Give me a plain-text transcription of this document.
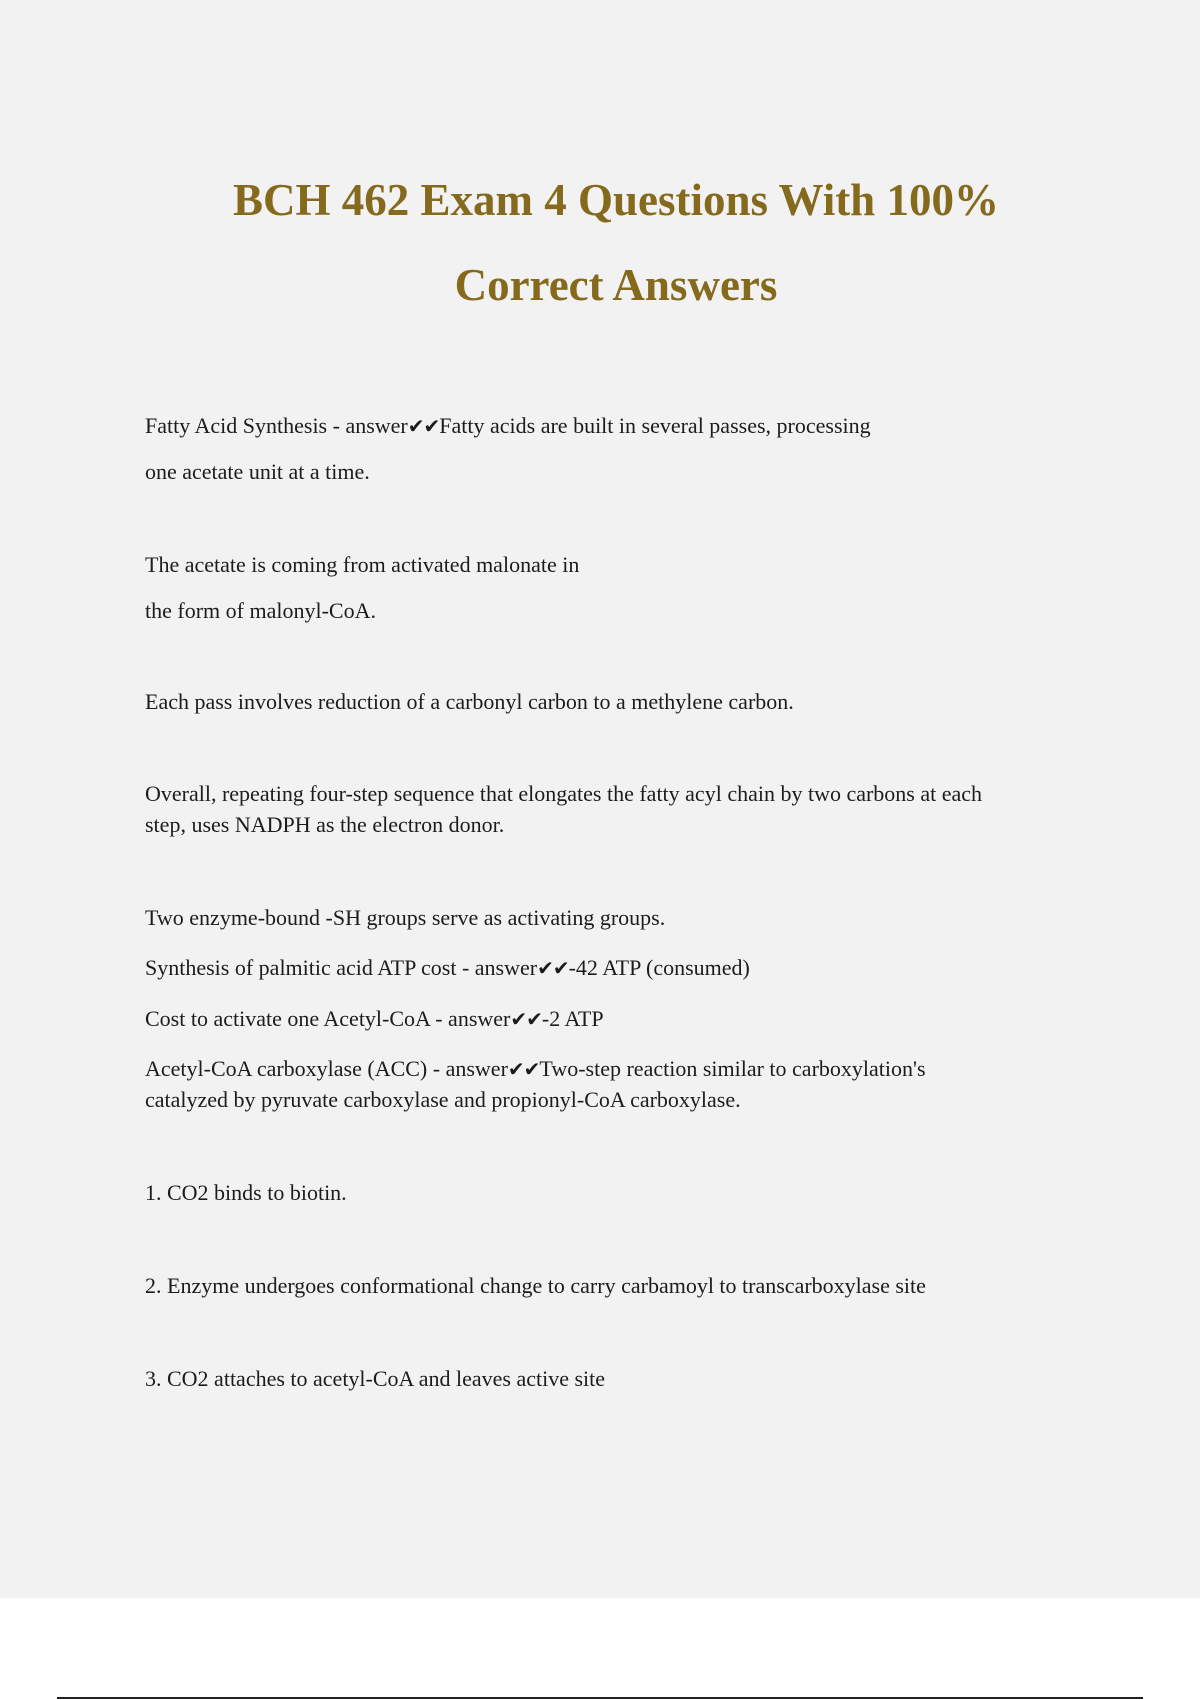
BCH 462 Exam 4 Questions With 100%
Correct Answers

Fatty Acid Synthesis - answer✔✔Fatty acids are built in several passes, processing

one acetate unit at a time.

The acetate is coming from activated malonate in

the form of malonyl-CoA.

Each pass involves reduction of a carbonyl carbon to a methylene carbon.

Overall, repeating four-step sequence that elongates the fatty acyl chain by two carbons at each

step, uses NADPH as the electron donor.

Two enzyme-bound -SH groups serve as activating groups.

Synthesis of palmitic acid ATP cost - answer✔✔-42 ATP (consumed)

Cost to activate one Acetyl-CoA - answer✔✔-2 ATP

Acetyl-CoA carboxylase (ACC) - answer✔✔Two-step reaction similar to carboxylation's

catalyzed by pyruvate carboxylase and propionyl-CoA carboxylase.

1. CO2 binds to biotin.

2. Enzyme undergoes conformational change to carry carbamoyl to transcarboxylase site

3. CO2 attaches to acetyl-CoA and leaves active site
